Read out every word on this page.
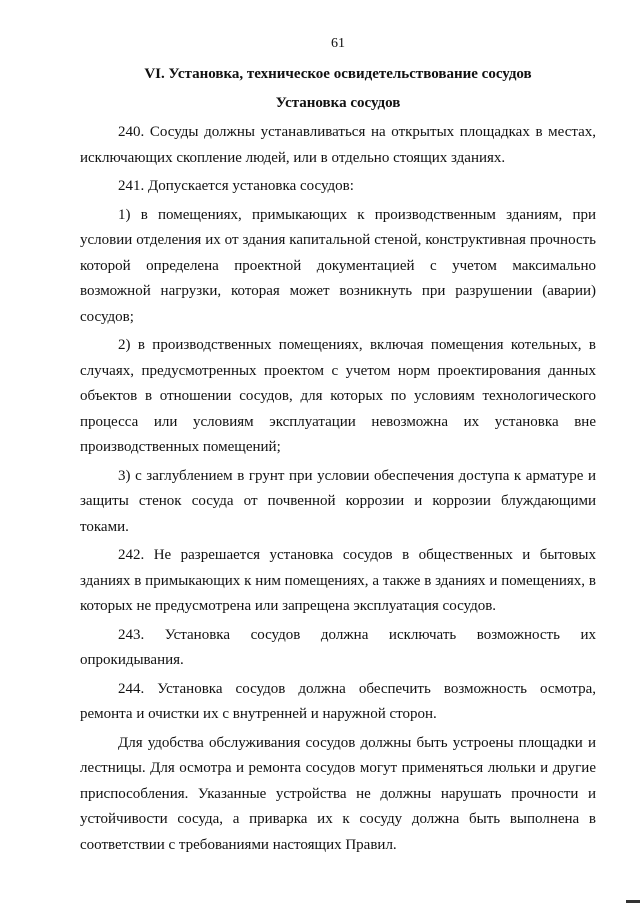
61
VI. Установка, техническое освидетельствование сосудов
Установка сосудов

240. Сосуды должны устанавливаться на открытых площадках в местах, исключающих скопление людей, или в отдельно стоящих зданиях.

241. Допускается установка сосудов:

1) в помещениях, примыкающих к производственным зданиям, при условии отделения их от здания капитальной стеной, конструктивная прочность которой определена проектной документацией с учетом максимально возможной нагрузки, которая может возникнуть при разрушении (аварии) сосудов;

2) в производственных помещениях, включая помещения котельных, в случаях, предусмотренных проектом с учетом норм проектирования данных объектов в отношении сосудов, для которых по условиям технологического процесса или условиям эксплуатации невозможна их установка вне производственных помещений;

3) с заглублением в грунт при условии обеспечения доступа к арматуре и защиты стенок сосуда от почвенной коррозии и коррозии блуждающими токами.

242. Не разрешается установка сосудов в общественных и бытовых зданиях в примыкающих к ним помещениях, а также в зданиях и помещениях, в которых не предусмотрена или запрещена эксплуатация сосудов.

243. Установка сосудов должна исключать возможность их опрокидывания.

244. Установка сосудов должна обеспечить возможность осмотра, ремонта и очистки их с внутренней и наружной сторон.

Для удобства обслуживания сосудов должны быть устроены площадки и лестницы. Для осмотра и ремонта сосудов могут применяться люльки и другие приспособления. Указанные устройства не должны нарушать прочности и устойчивости сосуда, а приварка их к сосуду должна быть выполнена в соответствии с требованиями настоящих Правил.
